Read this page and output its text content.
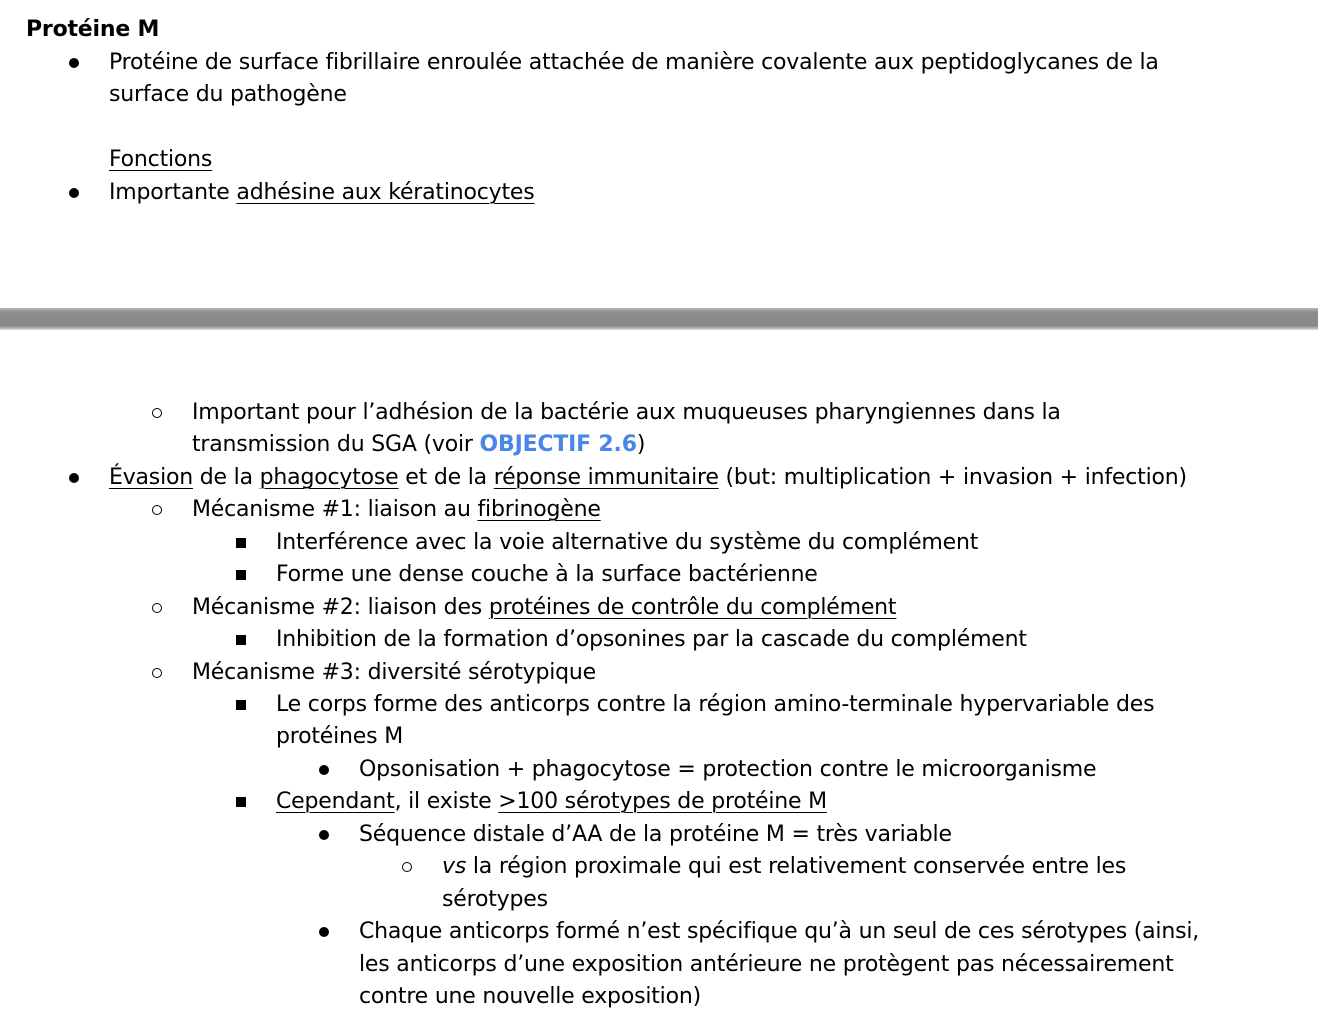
Protéine M
Protéine de surface fibrillaire enroulée attachée de manière covalente aux peptidoglycanes de la
surface du pathogène
Fonctions
Importante adhésine aux kératinocytes
Important pour l’adhésion de la bactérie aux muqueuses pharyngiennes dans la
transmission du SGA (voir OBJECTIF 2.6)
Évasion de la phagocytose et de la réponse immunitaire (but: multiplication + invasion + infection)
Mécanisme #1: liaison au fibrinogène
Interférence avec la voie alternative du système du complément
Forme une dense couche à la surface bactérienne
Mécanisme #2: liaison des protéines de contrôle du complément
Inhibition de la formation d’opsonines par la cascade du complément
Mécanisme #3: diversité sérotypique
Le corps forme des anticorps contre la région amino-terminale hypervariable des
protéines M
Opsonisation + phagocytose = protection contre le microorganisme
Cependant, il existe >100 sérotypes de protéine M
Séquence distale d’AA de la protéine M = très variable
vs la région proximale qui est relativement conservée entre les
sérotypes
Chaque anticorps formé n’est spécifique qu’à un seul de ces sérotypes (ainsi,
les anticorps d’une exposition antérieure ne protègent pas nécessairement
contre une nouvelle exposition)
